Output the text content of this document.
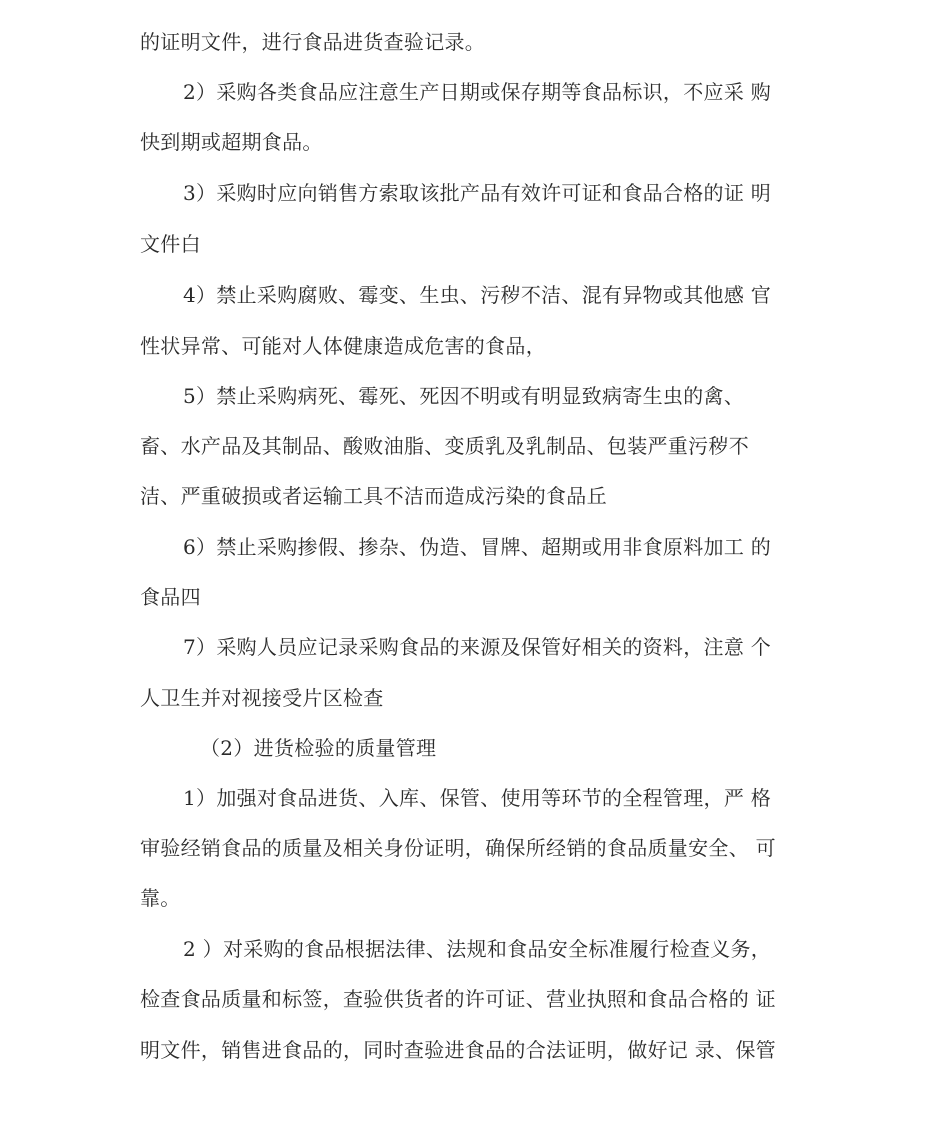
的证明文件，进行食品进货查验记录。
2）采购各类食品应注意生产日期或保存期等食品标识，不应采 购
快到期或超期食品。
3）采购时应向销售方索取该批产品有效许可证和食品合格的证 明
文件白
4）禁止采购腐败、霉变、生虫、污秽不洁、混有异物或其他感 官
性状异常、可能对人体健康造成危害的食品，
5）禁止采购病死、霉死、死因不明或有明显致病寄生虫的禽、
畜、水产品及其制品、酸败油脂、变质乳及乳制品、包装严重污秽不
洁、严重破损或者运输工具不洁而造成污染的食品丘
6）禁止采购掺假、掺杂、伪造、冒牌、超期或用非食原料加工 的
食品四
7）采购人员应记录采购食品的来源及保管好相关的资料，注意 个
人卫生并对视接受片区检查
（2）进货检验的质量管理
1）加强对食品进货、入库、保管、使用等环节的全程管理，严 格
审验经销食品的质量及相关身份证明，确保所经销的食品质量安全、 可
靠。
2 ）对采购的食品根据法律、法规和食品安全标准履行检查义务，
检查食品质量和标签，查验供货者的许可证、营业执照和食品合格的 证
明文件，销售进食品的，同时查验进食品的合法证明，做好记 录、保管
